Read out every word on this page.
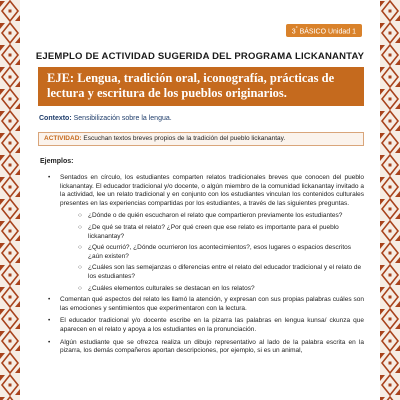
3° BÁSICO Unidad 1
EJEMPLO DE ACTIVIDAD SUGERIDA DEL PROGRAMA LICKANANTAY
EJE: Lengua, tradición oral, iconografía, prácticas de
lectura y escritura de los pueblos originarios.
Contexto: Sensibilización sobre la lengua.
ACTIVIDAD: Escuchan textos breves propios de la tradición del pueblo lickanantay.
Ejemplos:
• Sentados en círculo, los estudiantes comparten relatos tradicionales breves que conocen del pueblo lickanantay. El educador tradicional y/o docente, o algún miembro de la comunidad lickanantay invitado a la actividad, lee un relato tradicional y en conjunto con los estudiantes vinculan los contenidos culturales presentes en las experiencias compartidas por los estudiantes, a través de las siguientes preguntas.
○ ¿Dónde o de quién escucharon el relato que compartieron previamente los estudiantes?
○ ¿De qué se trata el relato? ¿Por qué creen que ese relato es importante para el pueblo lickanantay?
○ ¿Qué ocurrió?, ¿Dónde ocurrieron los acontecimientos?, esos lugares o espacios descritos ¿aún existen?
○ ¿Cuáles son las semejanzas o diferencias entre el relato del educador tradicional y el relato de los estudiantes?
○ ¿Cuáles elementos culturales se destacan en los relatos?
• Comentan qué aspectos del relato les llamó la atención, y expresan con sus propias palabras cuáles son las emociones y sentimientos que experimentaron con la lectura.
• El educador tradicional y/o docente escribe en la pizarra las palabras en lengua kunsa/ ckunza que aparecen en el relato y apoya a los estudiantes en la pronunciación.
• Algún estudiante que se ofrezca realiza un dibujo representativo al lado de la palabra escrita en la pizarra, los demás compañeros aportan descripciones, por ejemplo, si es un animal,
